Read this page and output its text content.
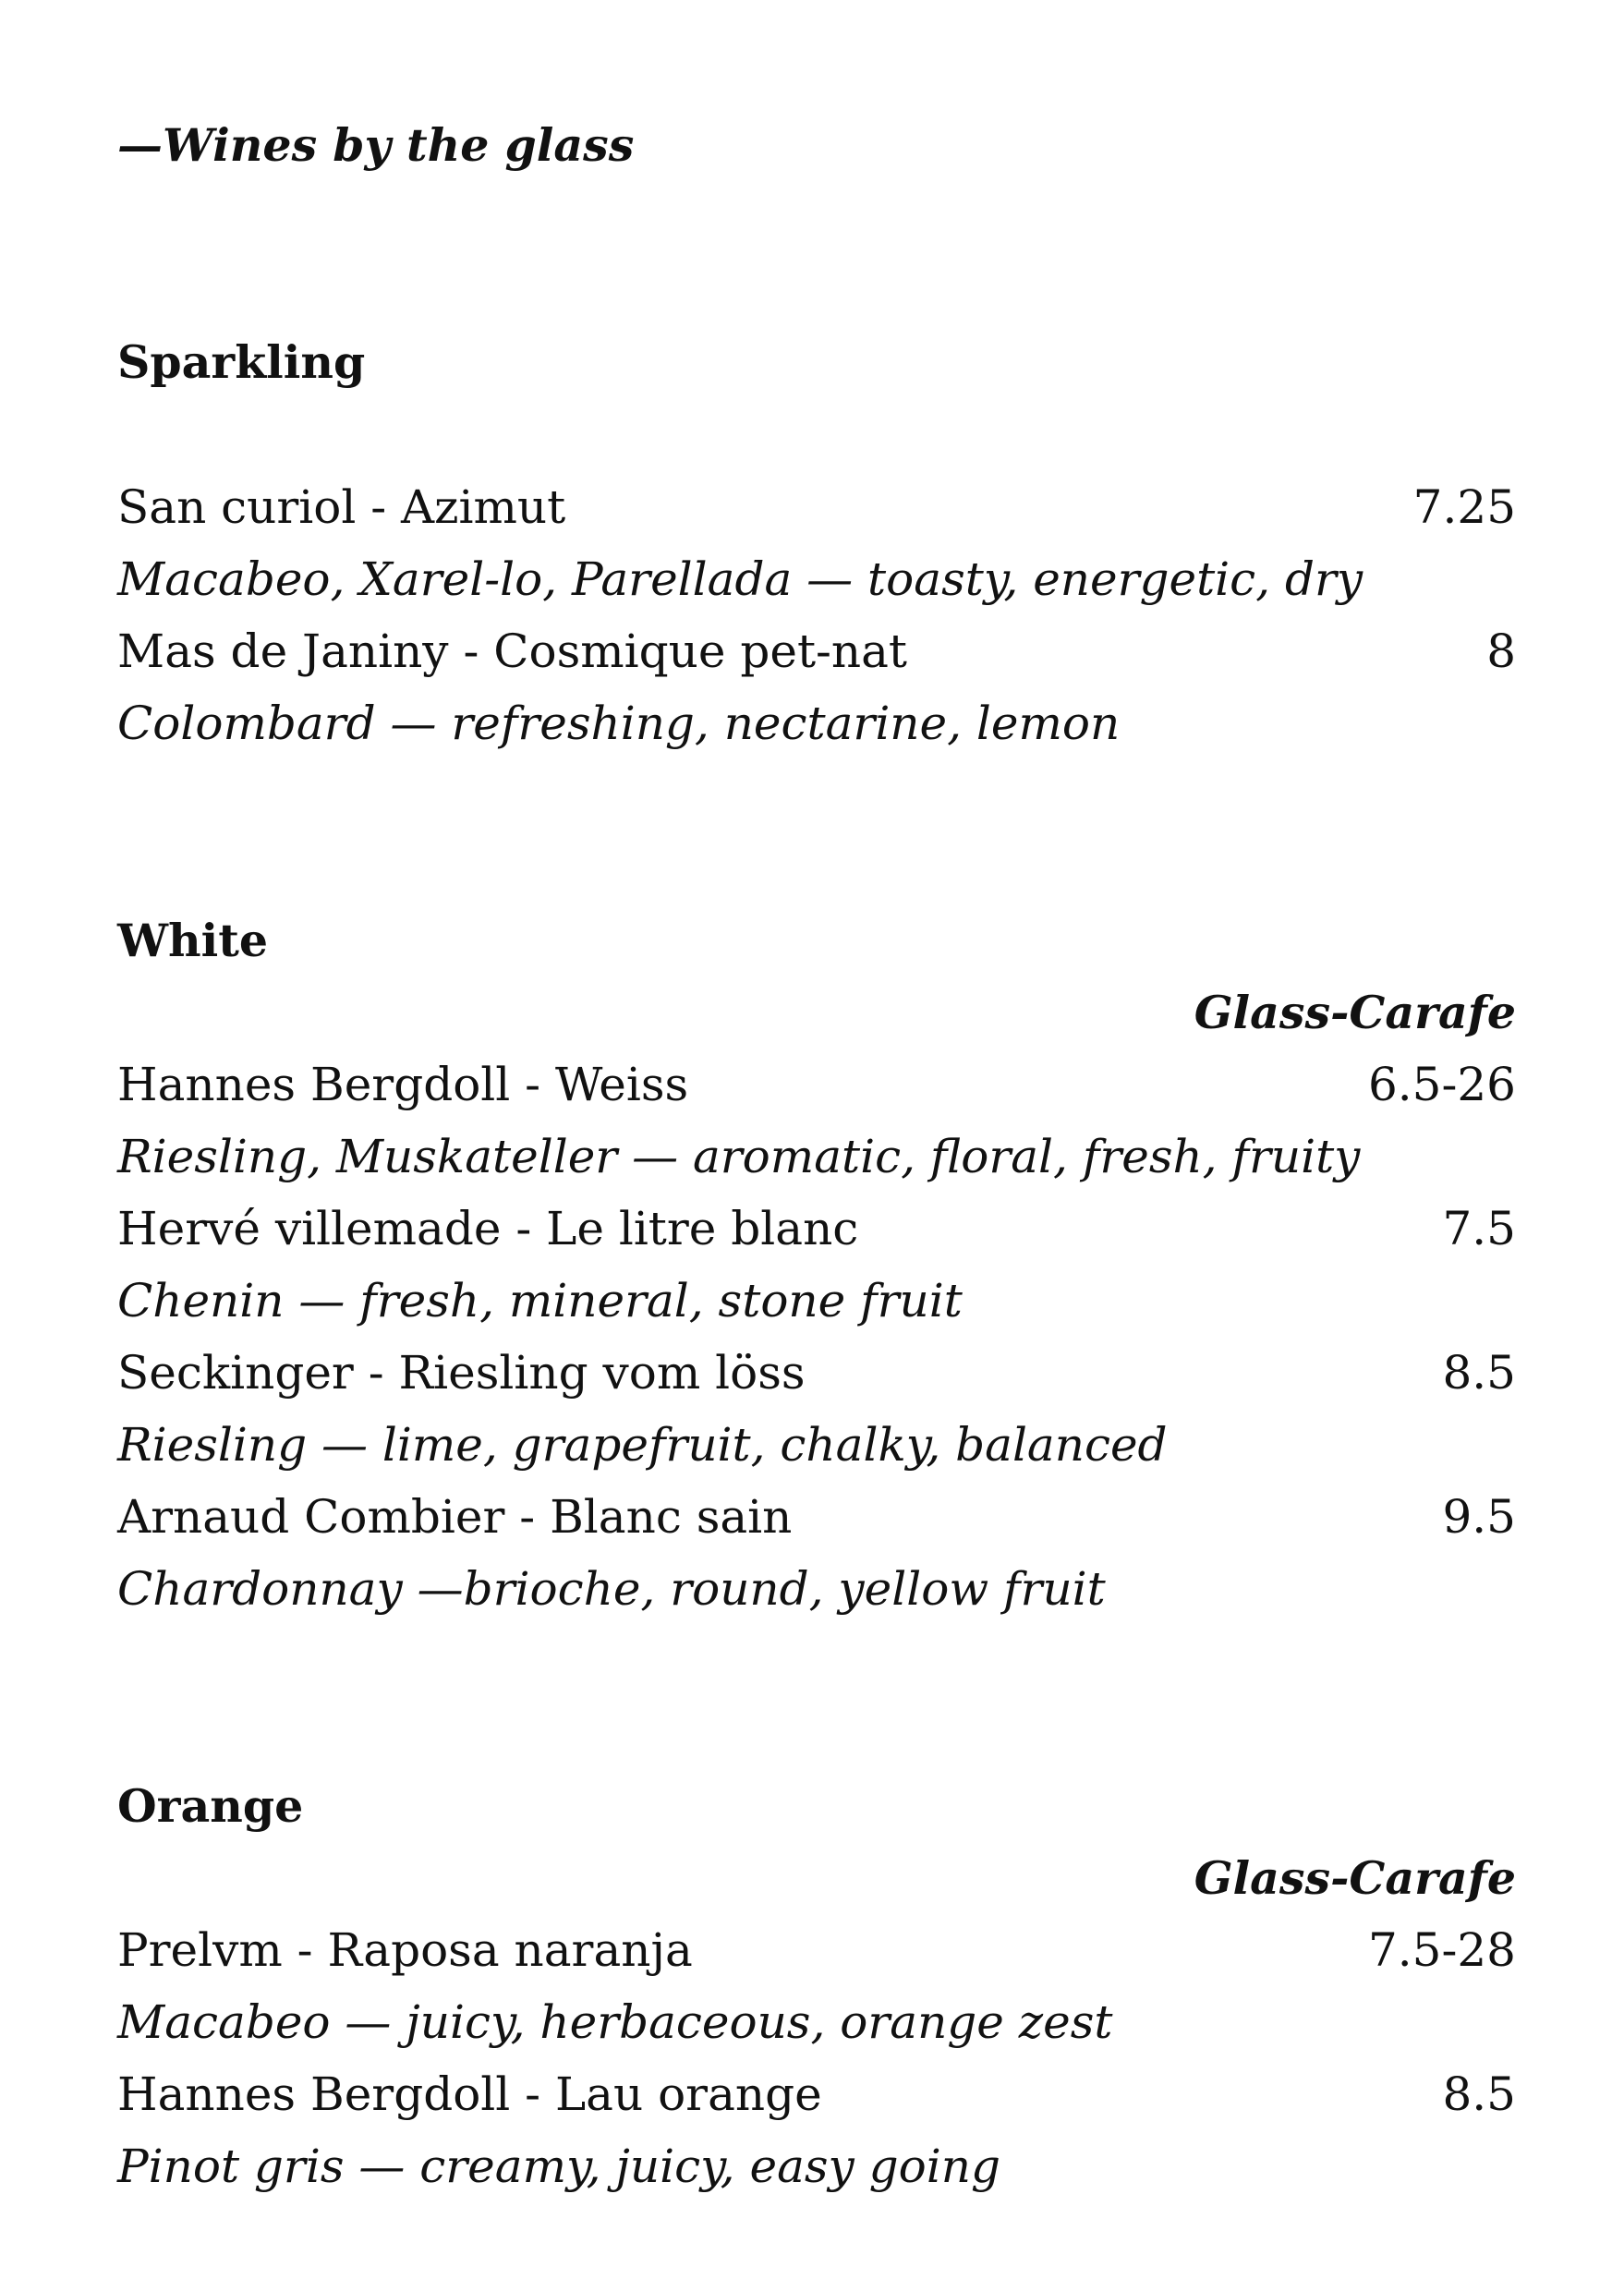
—Wines by the glass
Sparkling
San curiol - Azimut	7.25
Macabeo, Xarel-lo, Parellada — toasty, energetic, dry
Mas de Janiny - Cosmique pet-nat	8
Colombard — refreshing, nectarine, lemon
White
Glass-Carafe
Hannes Bergdoll - Weiss	6.5-26
Riesling, Muskateller — aromatic, floral, fresh, fruity
Hervé villemade - Le litre blanc	7.5
Chenin — fresh, mineral, stone fruit
Seckinger - Riesling vom löss	8.5
Riesling — lime, grapefruit, chalky, balanced
Arnaud Combier - Blanc sain	9.5
Chardonnay —brioche, round, yellow fruit
Orange
Glass-Carafe
Prelvm - Raposa naranja	7.5-28
Macabeo — juicy, herbaceous, orange zest
Hannes Bergdoll - Lau orange	8.5
Pinot gris — creamy, juicy, easy going
